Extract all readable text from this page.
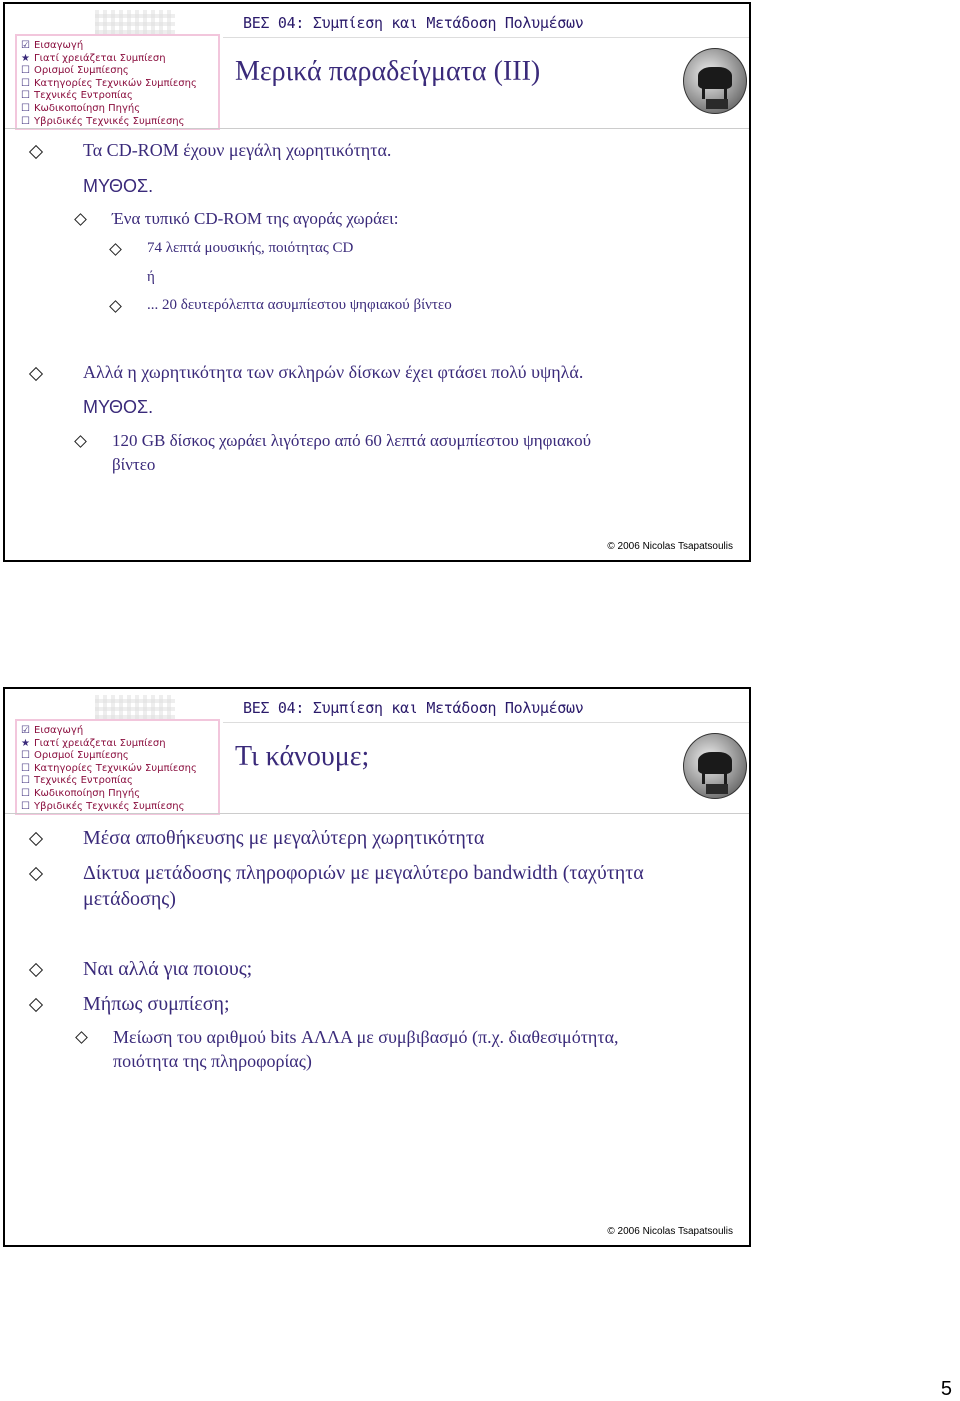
ΒΕΣ 04: Συμπίεση και Μετάδοση Πολυμέσων
☑ Εισαγωγή
★ Γιατί χρειάζεται Συμπίεση
☐ Ορισμοί Συμπίεσης
☐ Κατηγορίες Τεχνικών Συμπίεσης
☐ Τεχνικές Εντροπίας
☐ Κωδικοποίηση Πηγής
☐ Υβριδικές Τεχνικές Συμπίεσης
Μερικά παραδείγματα (ΙΙΙ)
Τα CD-ROM έχουν μεγάλη χωρητικότητα.
ΜΥΘΟΣ.
Ένα τυπικό CD-ROM της αγοράς χωράει:
74 λεπτά μουσικής, ποιότητας CD
ή
... 20 δευτερόλεπτα ασυμπίεστου ψηφιακού βίντεο
Αλλά η χωρητικότητα των σκληρών δίσκων έχει φτάσει πολύ υψηλά.
ΜΥΘΟΣ.
120 GB δίσκος χωράει λιγότερο από 60 λεπτά ασυμπίεστου ψηφιακού
βίντεο
© 2006 Nicolas Tsapatsoulis
ΒΕΣ 04: Συμπίεση και Μετάδοση Πολυμέσων
☑ Εισαγωγή
★ Γιατί χρειάζεται Συμπίεση
☐ Ορισμοί Συμπίεσης
☐ Κατηγορίες Τεχνικών Συμπίεσης
☐ Τεχνικές Εντροπίας
☐ Κωδικοποίηση Πηγής
☐ Υβριδικές Τεχνικές Συμπίεσης
Τι κάνουμε;
Μέσα αποθήκευσης με μεγαλύτερη χωρητικότητα
Δίκτυα μετάδοσης πληροφοριών με μεγαλύτερο bandwidth (ταχύτητα
μετάδοσης)
Ναι αλλά για ποιους;
Μήπως συμπίεση;
Μείωση του αριθμού bits ΑΛΛΑ με συμβιβασμό (π.χ. διαθεσιμότητα,
ποιότητα της πληροφορίας)
© 2006 Nicolas Tsapatsoulis
5
